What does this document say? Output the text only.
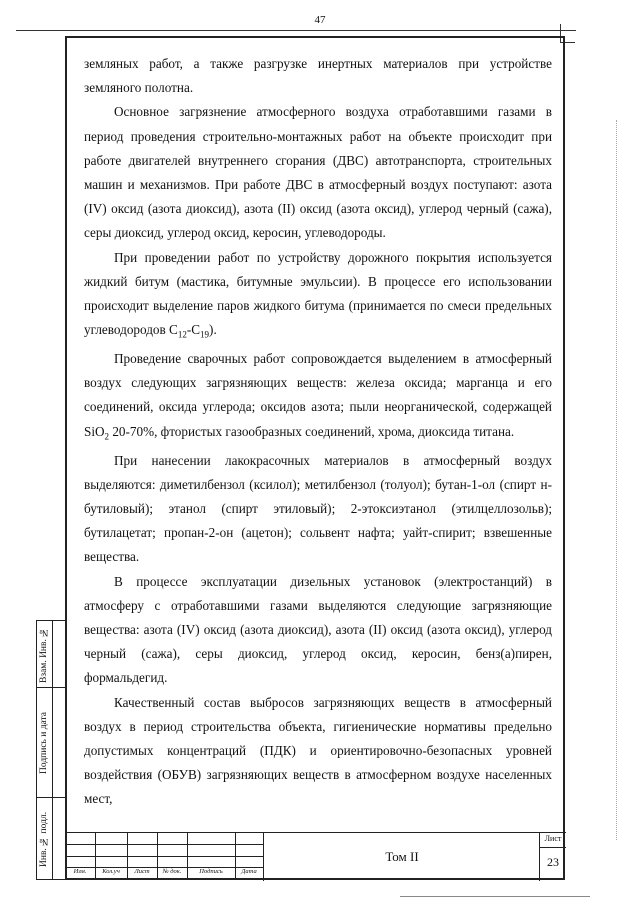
47

земляных работ, а также разгрузке инертных материалов при устройстве земляного полотна.

Основное загрязнение атмосферного воздуха отработавшими газами в период проведения строительно-монтажных работ на объекте происходит при работе двигателей внутреннего сгорания (ДВС) автотранспорта, строительных машин и механизмов. При работе ДВС в атмосферный воздух поступают: азота (IV) оксид (азота диоксид), азота (II) оксид (азота оксид), углерод черный (сажа), серы диоксид, углерод оксид, керосин, углеводороды.

При проведении работ по устройству дорожного покрытия используется жидкий битум (мастика, битумные эмульсии). В процессе его использовании происходит выделение паров жидкого битума (принимается по смеси предельных углеводородов $C_{12}-C_{19}$).

Проведение сварочных работ сопровождается выделением в атмосферный воздух следующих загрязняющих веществ: железа оксида; марганца и его соединений, оксида углерода; оксидов азота; пыли неорганической, содержащей SiO$_2$ 20-70%, фтористых газообразных соединений, хрома, диоксида титана.

При нанесении лакокрасочных материалов в атмосферный воздух выделяются: диметилбензол (ксилол); метилбензол (толуол); бутан-1-ол (спирт н-бутиловый); этанол (спирт этиловый); 2-этоксиэтанол (этилцеллозольв); бутилацетат; пропан-2-он (ацетон); сольвент нафта; уайт-спирит; взвешенные вещества.

В процессе эксплуатации дизельных установок (электростанций) в атмосферу с отработавшими газами выделяются следующие загрязняющие вещества: азота (IV) оксид (азота диоксид), азота (II) оксид (азота оксид), углерод черный (сажа), серы диоксид, углерод оксид, керосин, бенз(а)пирен, формальдегид.

Качественный состав выбросов загрязняющих веществ в атмосферный воздух в период строительства объекта, гигиенические нормативы предельно допустимых концентраций (ПДК) и ориентировочно-безопасных уровней воздействия (ОБУВ) загрязняющих веществ в атмосферном воздухе населенных мест,

Взам. Инв. №
Подпись и дата
Инв. № подл.
Изм.	Кол.уч	Лист	№ док.	Подпись	Дата
Том II
Лист
23
